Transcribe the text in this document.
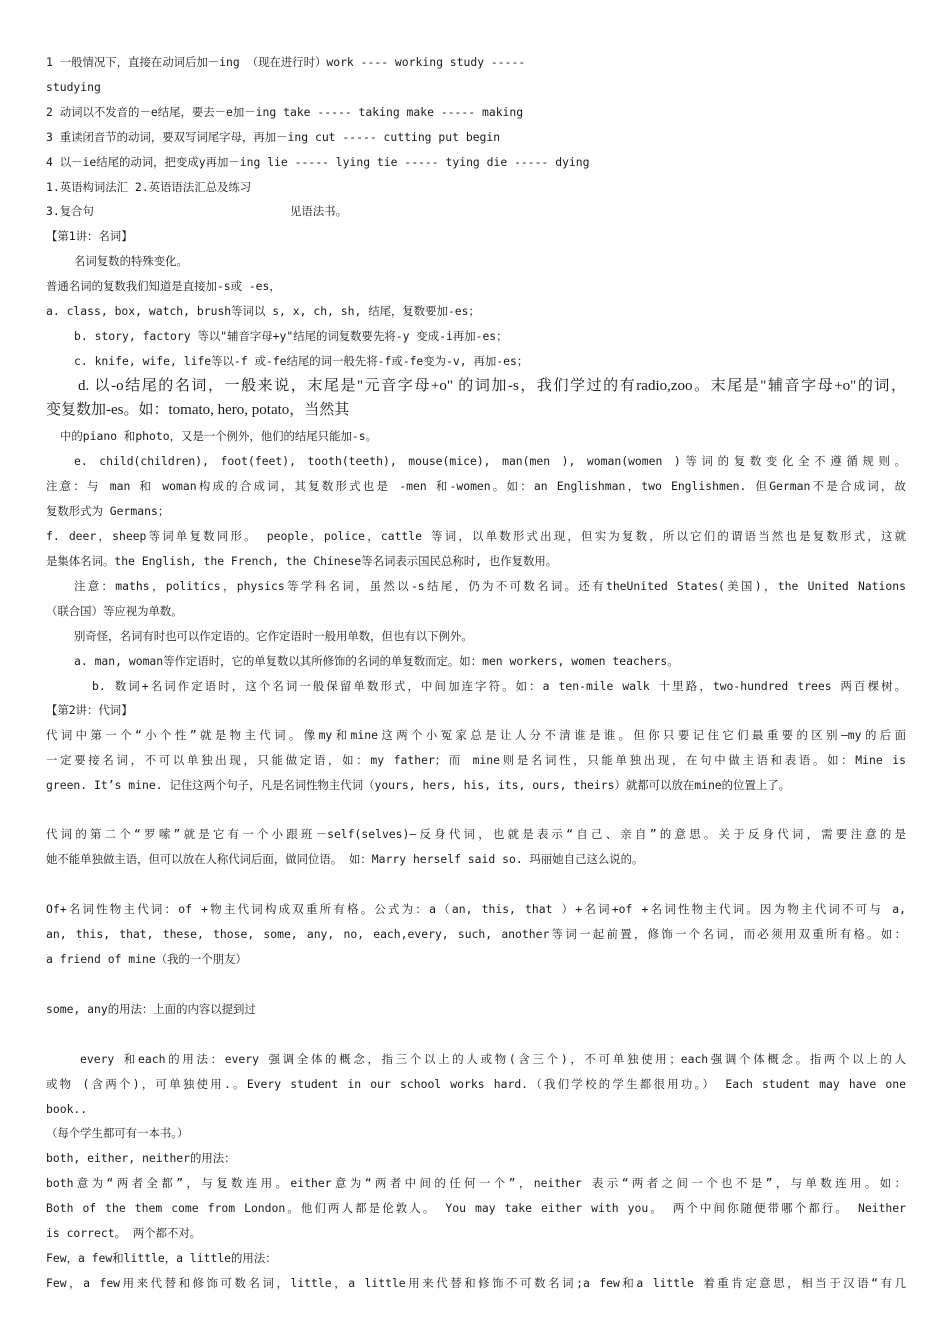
1 一般情况下，直接在动词后加－ing （现在进行时）work ---- working study -----
studying
2 动词以不发音的－e结尾，要去－e加－ing take ----- taking make ----- making
3 重读闭音节的动词，要双写词尾字母，再加－ing cut ----- cutting put begin
4 以－ie结尾的动词，把变成y再加－ing lie ----- lying tie ----- tying die ----- dying
1.英语构词法汇 2.英语语法汇总及练习
3.复合句	见语法书。
【第1讲：名词】
名词复数的特殊变化。
普通名词的复数我们知道是直接加-s或 -es，
a. class, box, watch, brush等词以 s, x, ch, sh, 结尾，复数要加-es；
b. story, factory 等以"辅音字母+y"结尾的词复数要先将-y 变成-i再加-es；
c. knife, wife, life等以-f 或-fe结尾的词一般先将-f或-fe变为-v, 再加-es；
d. 以-o结尾的名词，一般来说，末尾是"元音字母+o" 的词加-s，我们学过的有radio,zoo。末尾是"辅音字母+o"的词，
变复数加-es。如：tomato, hero, potato，当然其
中的piano 和photo，又是一个例外，他们的结尾只能加-s。
e. child(children), foot(feet), tooth(teeth), mouse(mice), man(men ), woman(women )等词的复数变化全不遵循规则。
注意：与 man 和 woman构成的合成词，其复数形式也是 -men 和-women。如：an Englishman，two Englishmen. 但German不是合成词，故
复数形式为 Germans；
f. deer，sheep等词单复数同形。 people，police，cattle 等词，以单数形式出现，但实为复数，所以它们的谓语当然也是复数形式，这就
是集体名词。the English, the French, the Chinese等名词表示国民总称时, 也作复数用。
注意：maths，politics，physics等学科名词，虽然以-s结尾，仍为不可数名词。还有theUnited States(美国)，the United Nations
（联合国）等应视为单数。
别奇怪，名词有时也可以作定语的。它作定语时一般用单数，但也有以下例外。
a. man, woman等作定语时，它的单复数以其所修饰的名词的单复数而定。如：men workers, women teachers。
b. 数词+名词作定语时，这个名词一般保留单数形式，中间加连字符。如：a ten-mile walk 十里路，two-hundred trees 两百棵树。
【第2讲：代词】
代词中第一个“小个性”就是物主代词。像my和mine这两个小冤家总是让人分不清谁是谁。但你只要记住它们最重要的区别—my的后面
一定要接名词，不可以单独出现，只能做定语，如：my father；而 mine则是名词性，只能单独出现，在句中做主语和表语。如：Mine is
green. It’s mine. 记住这两个句子，凡是名词性物主代词（yours, hers, his, its, ours, theirs）就都可以放在mine的位置上了。
代词的第二个“罗嗦”就是它有一个小跟班－self(selves)—反身代词，也就是表示“自己、亲自”的意思。关于反身代词，需要注意的是
她不能单独做主语，但可以放在人称代词后面，做同位语。 如：Marry herself said so. 玛丽她自己这么说的。
Of+名词性物主代词：of +物主代词构成双重所有格。公式为：a（an, this, that ）+名词+of +名词性物主代词。因为物主代词不可与 a,
an, this, that, these, those, some, any, no, each,every, such, another等词一起前置，修饰一个名词，而必须用双重所有格。如：
a friend of mine（我的一个朋友）
some, any的用法：上面的内容以提到过
every 和each的用法：every 强调全体的概念，指三个以上的人或物(含三个)，不可单独使用；each强调个体概念。指两个以上的人
或物 (含两个)，可单独使用.。Every student in our school works hard.（我们学校的学生都很用功。） Each student may have one
book..
（每个学生都可有一本书。）
both, either, neither的用法：
both意为“两者全都”，与复数连用。either意为“两者中间的任何一个”，neither 表示“两者之间一个也不是”，与单数连用。如：
Both of the them come from London。他们两人都是伦敦人。 You may take either with you。 两个中间你随便带哪个都行。 Neither
is correct。 两个都不对。
Few，a few和little，a little的用法：
Few，a few用来代替和修饰可数名词，little，a little用来代替和修饰不可数名词;a few和a little 着重肯定意思，相当于汉语“有几
